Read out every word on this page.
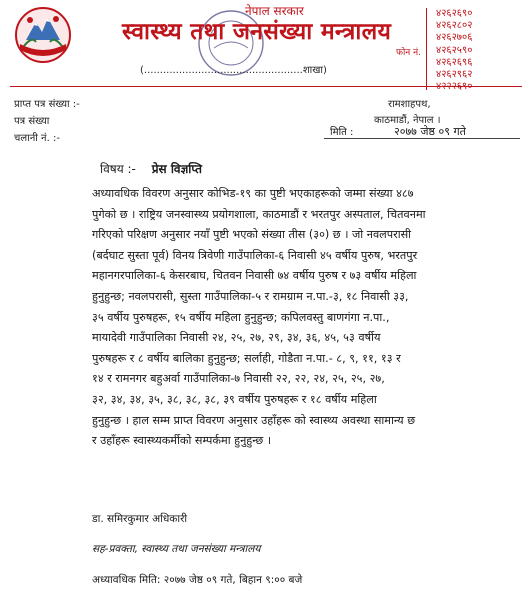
नेपाल सरकार
स्वास्थ्य तथा जनसंख्या मन्त्रालय
(..................................................शाखा)
फोन नं.
४२६२६९०
४२६२८०२
४२६२७०६
४२६२५९०
४२६२६९६
४२६२९६२
प्राप्त पत्र संख्या :-
पत्र संख्या
चलानी नं. :-
रामशाहपथ,
काठमाडौं, नेपाल ।
मिति :	२०७७ जेष्ठ ०९ गते
विषय :- प्रेस विज्ञप्ति
अध्यावधिक विवरण अनुसार कोभिड-१९ का पुष्टी भएकाहरूको जम्मा संख्या ४८७
पुगेको छ । राष्ट्रिय जनस्वास्थ्य प्रयोगशाला, काठमाडौं र भरतपुर अस्पताल, चितवनमा
गरिएको परिक्षण अनुसार नयाँ पुष्टी भएको संख्या तीस (३०) छ । जो नवलपरासी
(बर्दघाट सुस्ता पूर्व) विनय त्रिवेणी गाउँपालिका-६ निवासी ४५ वर्षीय पुरुष, भरतपुर
महानगरपालिका-६ केसरबाघ, चितवन निवासी ७४ वर्षीय पुरुष र ७३ वर्षीय महिला
हुनुहुन्छ; नवलपरासी, सुस्ता गाउँपालिका-५ र रामग्राम न.पा.-३, १८ निवासी ३३,
३५ वर्षीय पुरुषहरू, १५ वर्षीय महिला हुनुहुन्छ; कपिलवस्तु बाणगंगा न.पा.,
मायादेवी गाउँपालिका निवासी २४, २५, २७, २९, ३४, ३६, ४५, ५३ वर्षीय
पुरुषहरू र ८ वर्षीय बालिका हुनुहुन्छ; सर्लाही, गोडैता न.पा.- ८, ९, ११, १३ र
१४ र रामनगर बहुअर्वा गाउँपालिका-७ निवासी २२, २२, २४, २५, २५, २७,
३२, ३४, ३४, ३५, ३८, ३८, ३८, ३९ वर्षीय पुरुषहरू र १८ वर्षीय महिला
हुनुहुन्छ । हाल सम्म प्राप्त विवरण अनुसार उहाँहरू को स्वास्थ्य अवस्था सामान्य छ
र उहाँहरू स्वास्थ्यकर्मीको सम्पर्कमा हुनुहुन्छ ।
डा. समिरकुमार अधिकारी
सह-प्रवक्ता, स्वास्थ्य तथा जनसंख्या मन्त्रालय
अध्यावधिक मिति: २०७७ जेष्ठ ०९ गते, बिहान ९:०० बजे
